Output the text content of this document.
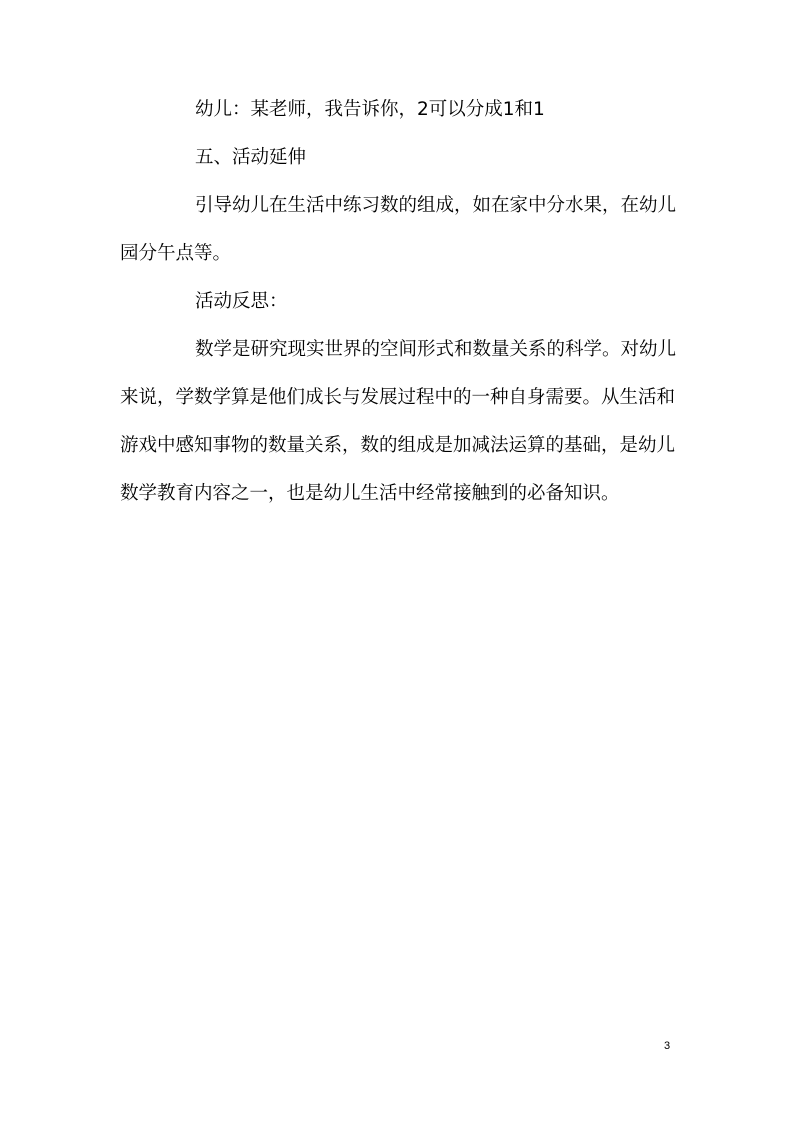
幼儿：某老师，我告诉你，2可以分成1和1

五、活动延伸

引导幼儿在生活中练习数的组成，如在家中分水果，在幼儿

园分午点等。

活动反思：

数学是研究现实世界的空间形式和数量关系的科学。对幼儿

来说，学数学算是他们成长与发展过程中的一种自身需要。从生活和

游戏中感知事物的数量关系，数的组成是加减法运算的基础，是幼儿

数学教育内容之一，也是幼儿生活中经常接触到的必备知识。

3
